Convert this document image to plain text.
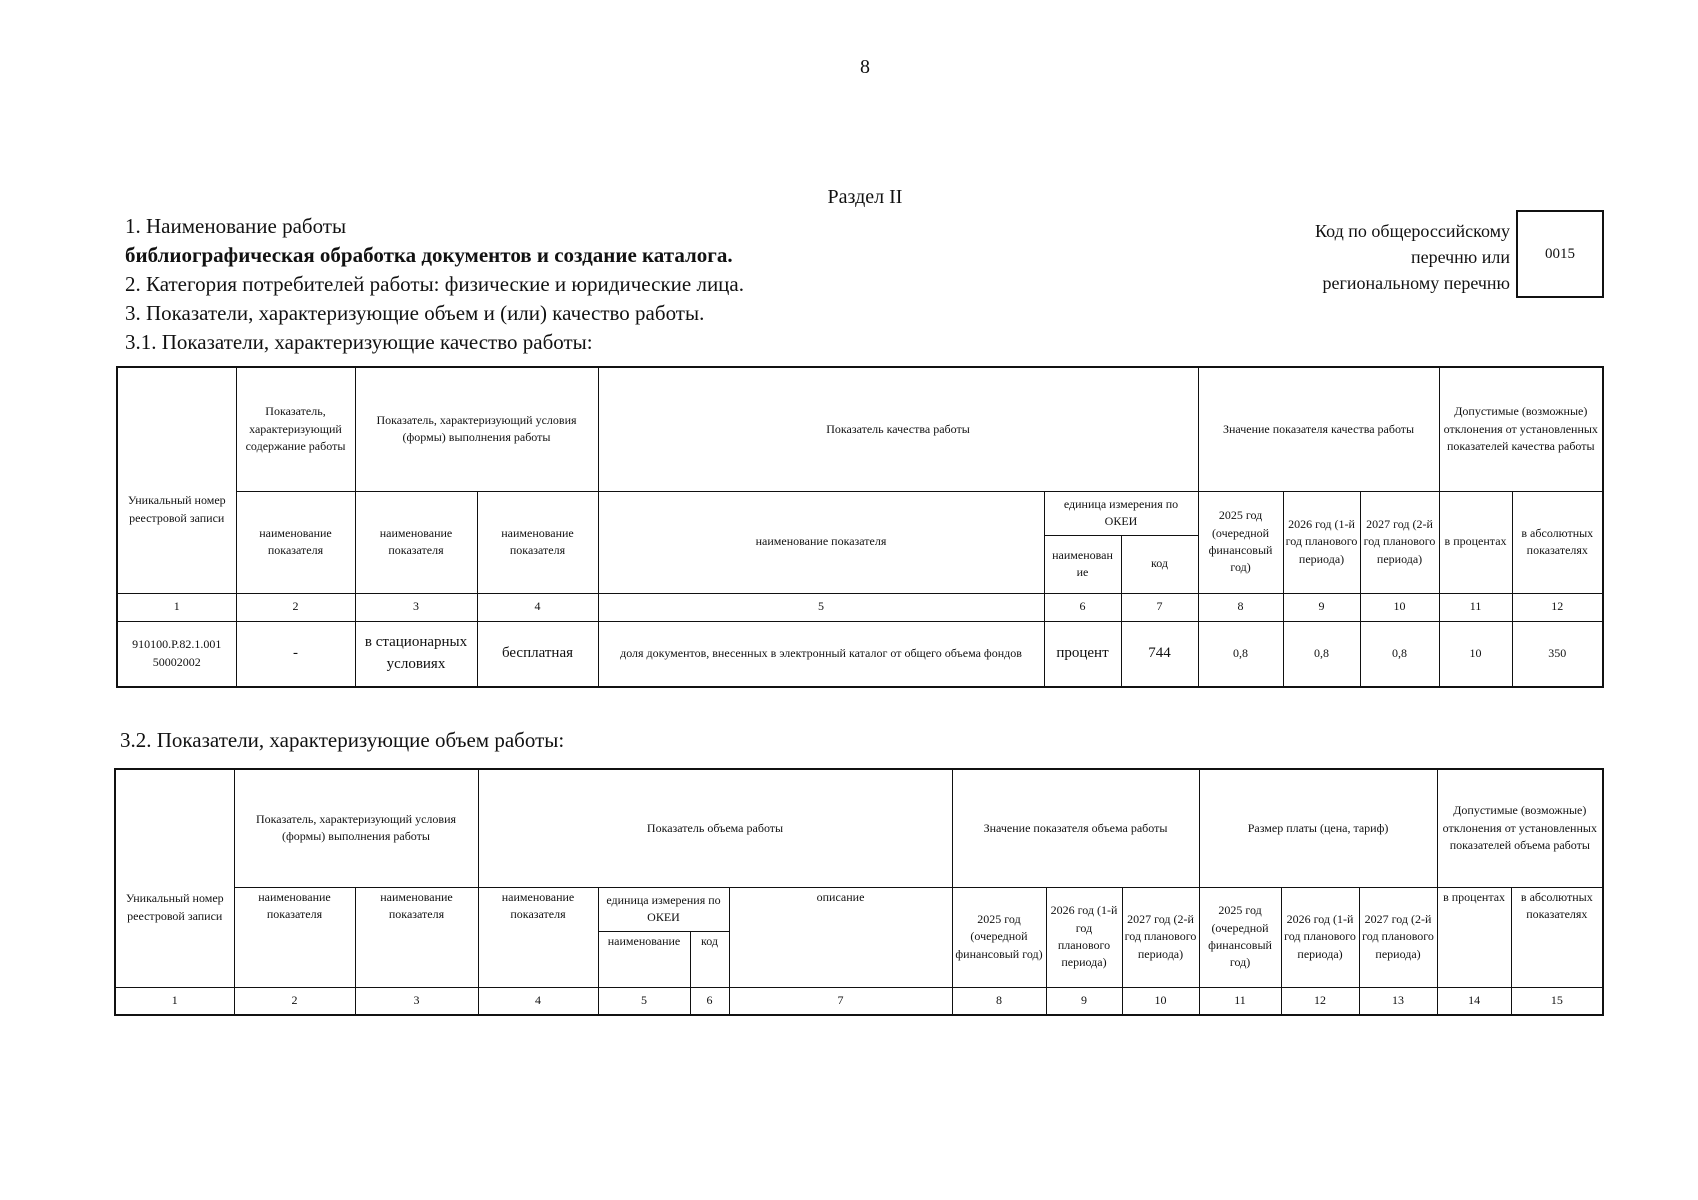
8
Раздел II
1. Наименование работы
библиографическая обработка документов и создание каталога.
2. Категория потребителей работы: физические и юридические лица.
3. Показатели, характеризующие объем и (или) качество работы.
3.1. Показатели, характеризующие качество работы:
Код по общероссийскому
перечню или
региональному перечню
0015
Уникальный номер реестровой записи	Показатель, характеризующий содержание работы	Показатель, характеризующий условия (формы) выполнения работы		Показатель качества работы			Значение показателя качества работы			Допустимые (возможные) отклонения от установленных показателей качества работы	
	наименование показателя	наименование показателя	наименование показателя	наименование показателя	единица измерения по ОКЕИ		2025 год (очередной финансовый год)	2026 год (1-й год планового периода)	2027 год (2-й год планового периода)	в процентах	в абсолютных показателях
					наименован ие	код					
1	2	3	4	5	6	7	8	9	10	11	12
910100.Р.82.1.001 50002002	-	в стационарных условиях	бесплатная	доля документов, внесенных в электронный каталог от общего объема фондов	процент	744	0,8	0,8	0,8	10	350
3.2. Показатели, характеризующие объем работы:
Уникальный номер реестровой записи	Показатель, характеризующий условия (формы) выполнения работы		Показатель объема работы				Значение показателя объема работы			Размер платы (цена, тариф)			Допустимые (возможные) отклонения от установленных показателей объема работы	
	наименование показателя	наименование показателя	наименование показателя	единица измерения по ОКЕИ		описание	2025 год (очередной финансовый год)	2026 год (1-й год планового периода)	2027 год (2-й год планового периода)	2025 год (очередной финансовый год)	2026 год (1-й год планового периода)	2027 год (2-й год планового периода)	в процентах	в абсолютных показателях
				наименование	код									
1	2	3	4	5	6	7	8	9	10	11	12	13	14	15
